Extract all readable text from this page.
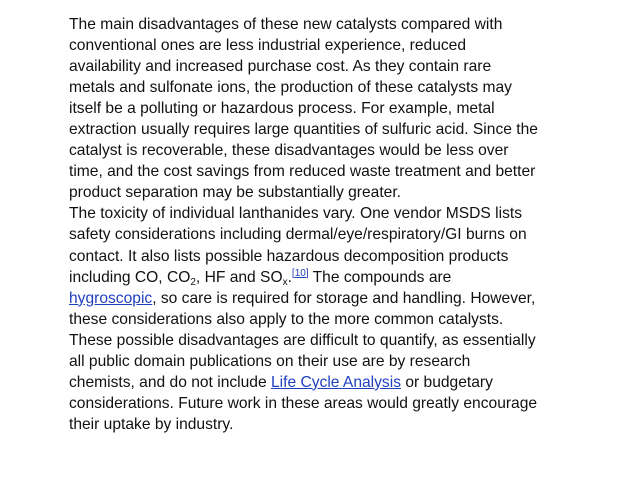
The main disadvantages of these new catalysts compared with conventional ones are less industrial experience, reduced availability and increased purchase cost. As they contain rare metals and sulfonate ions, the production of these catalysts may itself be a polluting or hazardous process. For example, metal extraction usually requires large quantities of sulfuric acid. Since the catalyst is recoverable, these disadvantages would be less over time, and the cost savings from reduced waste treatment and better product separation may be substantially greater.

The toxicity of individual lanthanides vary. One vendor MSDS lists safety considerations including dermal/eye/respiratory/GI burns on contact. It also lists possible hazardous decomposition products including CO, $CO_2$, HF and $SO_x.[10]$ The compounds are hygroscopic, so care is required for storage and handling. However, these considerations also apply to the more common catalysts.

These possible disadvantages are difficult to quantify, as essentially all public domain publications on their use are by research chemists, and do not include Life Cycle Analysis or budgetary considerations. Future work in these areas would greatly encourage their uptake by industry.
